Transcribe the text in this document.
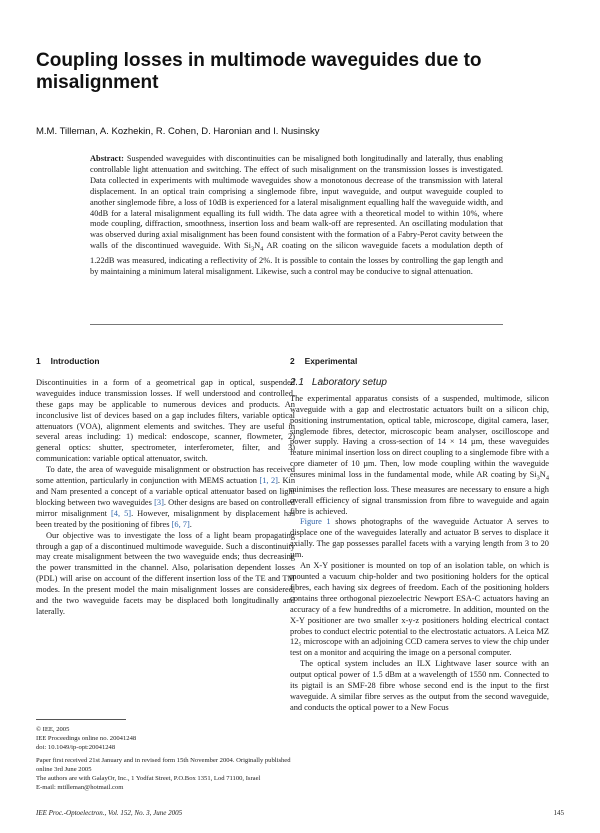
Coupling losses in multimode waveguides due to misalignment
M.M. Tilleman, A. Kozhekin, R. Cohen, D. Haronian and I. Nusinsky
Abstract: Suspended waveguides with discontinuities can be misaligned both longitudinally and laterally, thus enabling controllable light attenuation and switching. The effect of such misalignment on the transmission losses is investigated. Data collected in experiments with multimode waveguides show a monotonous decrease of the transmission with lateral displacement. In an optical train comprising a singlemode fibre, input waveguide, and output waveguide coupled to another singlemode fibre, a loss of 10dB is experienced for a lateral misalignment equalling half the waveguide width, and 40dB for a lateral misalignment equalling its full width. The data agree with a theoretical model to within 10%, where mode coupling, diffraction, smoothness, insertion loss and beam walk-off are represented. An oscillating modulation that was observed during axial misalignment has been found consistent with the formation of a Fabry-Perot cavity between the walls of the discontinued waveguide. With $Si_3N_4$ AR coating on the silicon waveguide facets a modulation depth of 1.22dB was measured, indicating a reflectivity of 2%. It is possible to contain the losses by controlling the gap length and by maintaining a minimum lateral misalignment. Likewise, such a control may be conducive to signal attenuation.
1 Introduction

Discontinuities in a form of a geometrical gap in optical, suspended waveguides induce transmission losses. If well understood and controlled, these gaps may be applicable to numerous devices and products. An inconclusive list of devices based on a gap includes filters, variable optical attenuators (VOA), alignment elements and switches. They are useful in several areas including: 1) medical: endoscope, scanner, flowmeter, 2) general optics: shutter, spectrometer, interferometer, filter, and 3) communication: variable optical attenuator, switch.

To date, the area of waveguide misalignment or obstruction has received some attention, particularly in conjunction with MEMS actuation [1, 2]. Kin and Nam presented a concept of a variable optical attenuator based on light blocking between two waveguides [3]. Other designs are based on controlled mirror misalignment [4, 5]. However, misalignment by displacement has been treated by the positioning of fibres [6, 7].

Our objective was to investigate the loss of a light beam propagating through a gap of a discontinued multimode waveguide. Such a discontinuity may create misalignment between the two waveguide ends; thus decreasing the power transmitted in the channel. Also, polarisation dependent losses (PDL) will arise on account of the different insertion loss of the TE and TM modes. In the present model the main misalignment losses are considered, and the two waveguide facets may be displaced both longitudinally and laterally.

© IEE, 2005
IEE Proceedings online no. 20041248
doi: 10.1049/ip-opt:20041248
Paper first received 21st January and in revised form 15th November 2004. Originally published online 3rd June 2005
The authors are with GalayOr, Inc., 1 Yodfat Street, P.O.Box 1351, Lod 71100, Israel
E-mail: mtilleman@hotmail.com
2 Experimental
2.1 Laboratory setup

The experimental apparatus consists of a suspended, multimode, silicon waveguide with a gap and electrostatic actuators built on a silicon chip, positioning instrumentation, optical table, microscope, digital camera, laser, singlemode fibres, detector, microscopic beam analyser, oscilloscope and power supply. Having a cross-section of 14 × 14 µm, these waveguides feature minimal insertion loss on direct coupling to a singlemode fibre with a core diameter of 10 µm. Then, low mode coupling within the waveguide ensures minimal loss in the fundamental mode, while AR coating by $Si_3N_4$ minimises the reflection loss. These measures are necessary to ensure a high overall efficiency of signal transmission from fibre to waveguide and again fibre is achieved.

Figure 1 shows photographs of the waveguide Actuator A serves to displace one of the waveguides laterally and actuator B serves to displace it axially. The gap possesses parallel facets with a varying length from 3 to 20 µm.

An X-Y positioner is mounted on top of an isolation table, on which is mounted a vacuum chip-holder and two positioning holders for the optical fibres, each having six degrees of freedom. Each of the positioning holders contains three orthogonal piezoelectric Newport ESA-C actuators having an accuracy of a few hundredths of a micrometre. In addition, mounted on the X-Y positioner are two smaller x-y-z positioners holding electrical contact probes to conduct electric potential to the electrostatic actuators. A Leica MZ 12₅ microscope with an adjoining CCD camera serves to view the chip under test on a monitor and acquiring the image on a personal computer.

The optical system includes an ILX Lightwave laser source with an output optical power of 1.5 dBm at a wavelength of 1550 nm. Connected to its pigtail is an SMF-28 fibre whose second end is the input to the first waveguide. A similar fibre serves as the output from the second waveguide, and conducts the optical power to a New Focus

IEE Proc.-Optoelectron., Vol. 152, No. 3, June 2005	145
